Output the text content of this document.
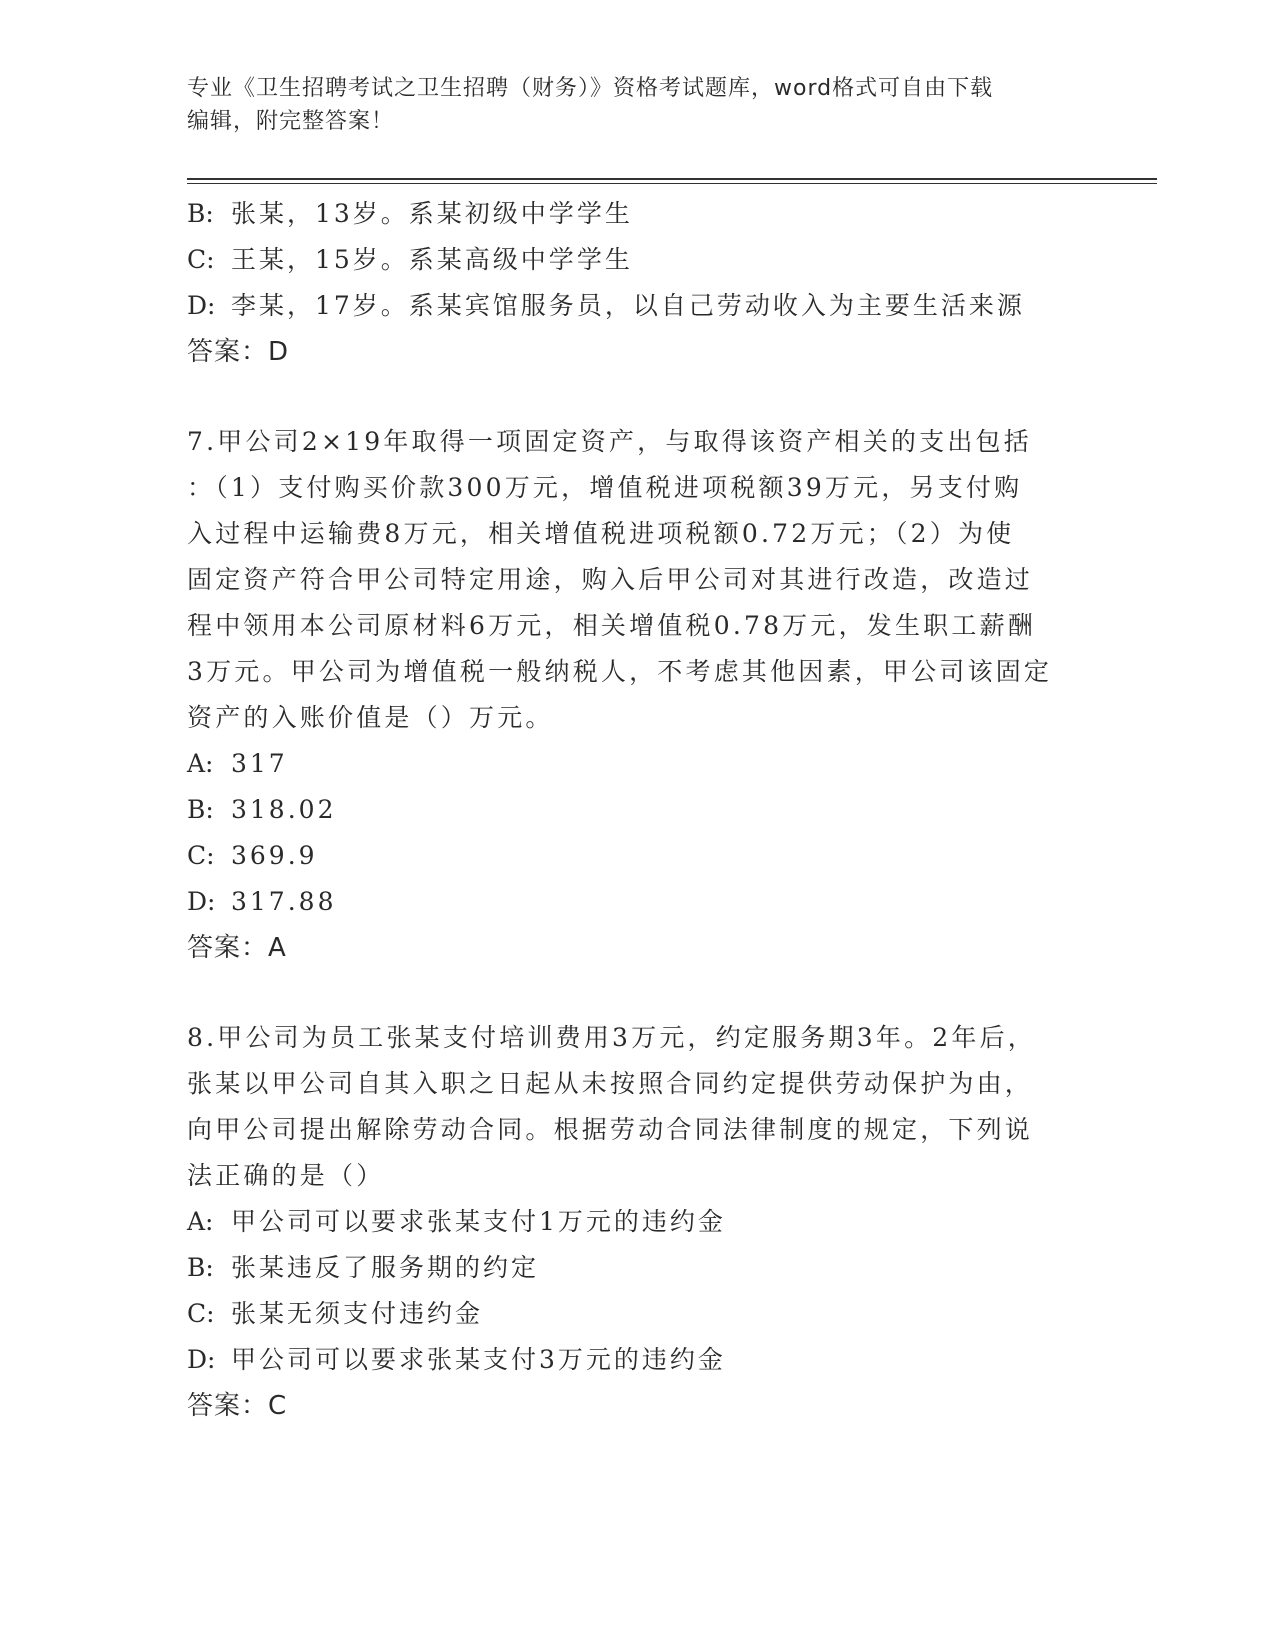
专业《卫生招聘考试之卫生招聘（财务）》资格考试题库，word格式可自由下载
编辑，附完整答案！
B: 张某，13岁。系某初级中学学生
C: 王某，15岁。系某高级中学学生
D: 李某，17岁。系某宾馆服务员，以自己劳动收入为主要生活来源
答案：D
7.甲公司2×19年取得一项固定资产，与取得该资产相关的支出包括
：（1）支付购买价款300万元，增值税进项税额39万元，另支付购
入过程中运输费8万元，相关增值税进项税额0.72万元；（2）为使
固定资产符合甲公司特定用途，购入后甲公司对其进行改造，改造过
程中领用本公司原材料6万元，相关增值税0.78万元，发生职工薪酬
3万元。甲公司为增值税一般纳税人，不考虑其他因素，甲公司该固定
资产的入账价值是（）万元。
A: 317
B: 318.02
C: 369.9
D: 317.88
答案：A
8.甲公司为员工张某支付培训费用3万元，约定服务期3年。2年后，
张某以甲公司自其入职之日起从未按照合同约定提供劳动保护为由，
向甲公司提出解除劳动合同。根据劳动合同法律制度的规定，下列说
法正确的是（）
A: 甲公司可以要求张某支付1万元的违约金
B: 张某违反了服务期的约定
C: 张某无须支付违约金
D: 甲公司可以要求张某支付3万元的违约金
答案：C
